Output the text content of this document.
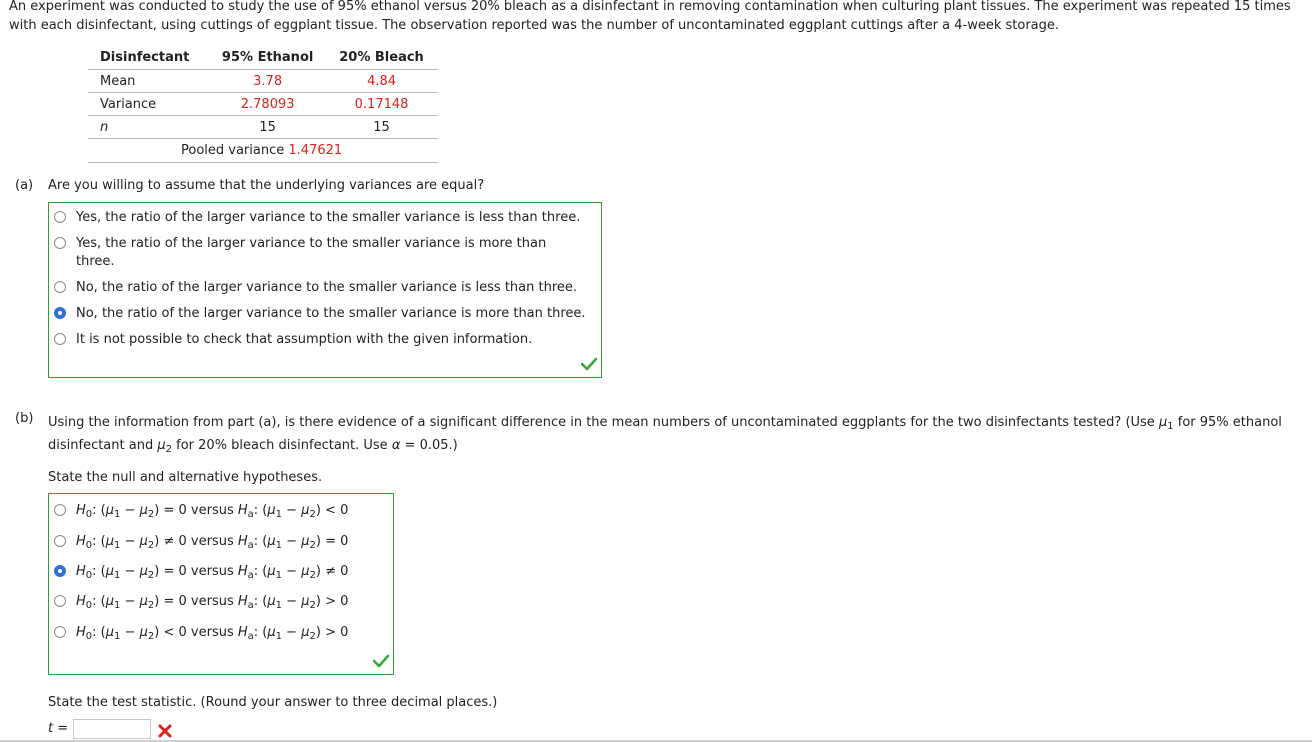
An experiment was conducted to study the use of 95% ethanol versus 20% bleach as a disinfectant in removing contamination when culturing plant tissues. The experiment was repeated 15 times with each disinfectant, using cuttings of eggplant tissue. The observation reported was the number of uncontaminated eggplant cuttings after a 4-week storage.
Disinfectant	95% Ethanol	20% Bleach
Mean	3.78	4.84
Variance	2.78093	0.17148
n	15	15
Pooled variance 1.47621		
(a) Are you willing to assume that the underlying variances are equal?
Yes, the ratio of the larger variance to the smaller variance is less than three.
Yes, the ratio of the larger variance to the smaller variance is more than three.
No, the ratio of the larger variance to the smaller variance is less than three.
No, the ratio of the larger variance to the smaller variance is more than three.
It is not possible to check that assumption with the given information.
(b) Using the information from part (a), is there evidence of a significant difference in the mean numbers of uncontaminated eggplants for the two disinfectants tested? (Use $\mu_1$ for 95% ethanol
disinfectant and $\mu_2$ for 20% bleach disinfectant. Use α = 0.05.)
State the null and alternative hypotheses.
$H_0$: $(\mu_1 - \mu_2) = 0$ versus $H_a$: $(\mu_1 - \mu_2) < 0$
$H_0$: $(\mu_1 - \mu_2) \ne 0$ versus $H_a$: $(\mu_1 - \mu_2) = 0$
$H_0$: $(\mu_1 - \mu_2) = 0$ versus $H_a$: $(\mu_1 - \mu_2) \ne 0$
$H_0$: $(\mu_1 - \mu_2) = 0$ versus $H_a$: $(\mu_1 - \mu_2) > 0$
$H_0$: $(\mu_1 - \mu_2) < 0$ versus $H_a$: $(\mu_1 - \mu_2) > 0$
State the test statistic. (Round your answer to three decimal places.)
t =
